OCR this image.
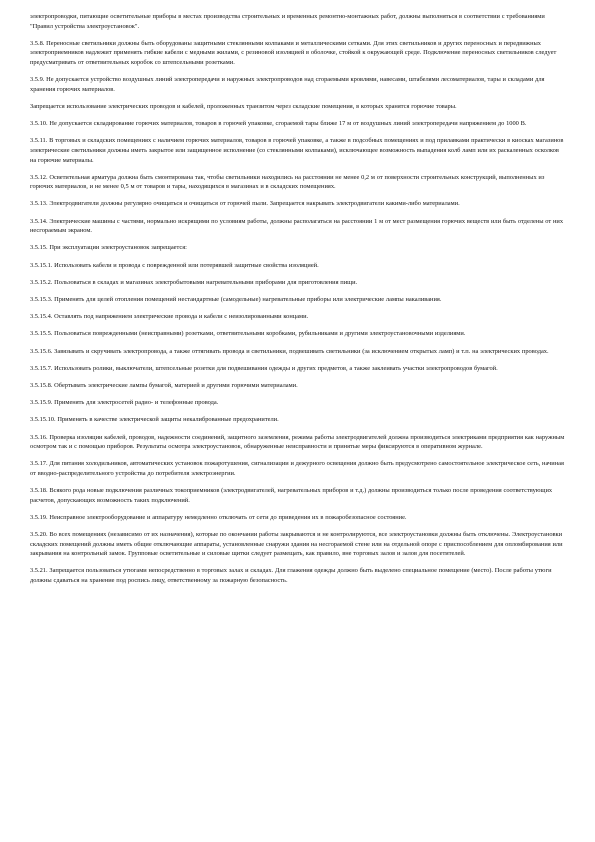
электропроводки, питающие осветительные приборы в местах производства строительных и временных ремонтно-монтажных работ, должны выполняться в соответствии с требованиями "Правил устройства электроустановок".

3.5.8. Переносные светильники должны быть оборудованы защитными стеклянными колпаками и металлическими сетками. Для этих светильников и других переносных и передвижных электроприемников надлежит применять гибкие кабели с медными жилами, с резиновой изоляцией в оболочке, стойкой к окружающей среде. Подключение переносных светильников следует предусматривать от ответвительных коробок со штепсельными розетками.

3.5.9. Не допускается устройство воздушных линий электропередачи и наружных электропроводов над сгораемыми кровлями, навесами, штабелями лесоматериалов, тары и складами для хранения горючих материалов.

Запрещается использование электрических проводов и кабелей, проложенных транзитом через складские помещения, в которых хранятся горючие товары.

3.5.10. Не допускается складирование горючих материалов, товаров в горючей упаковке, сгораемой тары ближе 17 м от воздушных линий электропередачи напряжением до 1000 В.

3.5.11. В торговых и складских помещениях с наличием горючих материалов, товаров в горючей упаковке, а также в подсобных помещениях и под прилавками практически в киосках магазинов электрические светильники должны иметь закрытое или защищенное исполнение (со стеклянными колпаками), исключающее возможность выпадения колб ламп или их раскаленных осколков на горючие материалы.

3.5.12. Осветительная арматура должна быть смонтирована так, чтобы светильники находились на расстоянии не менее 0,2 м от поверхности строительных конструкций, выполненных из горючих материалов, и не менее 0,5 м от товаров и тары, находящихся в магазинах и в складских помещениях.

3.5.13. Электродвигатели должны регулярно очищаться и очищаться от горючей пыли. Запрещается накрывать электродвигатели какими-либо материалами.

3.5.14. Электрические машины с частями, нормально искрящими по условиям работы, должны располагаться на расстоянии 1 м от мест размещения горючих веществ или быть отделены от них несгораемым экраном.

3.5.15. При эксплуатации электроустановок запрещается:

3.5.15.1. Использовать кабели и провода с поврежденной или потерявшей защитные свойства изоляцией.

3.5.15.2. Пользоваться в складах и магазинах электробытовыми нагревательными приборами для приготовления пищи.

3.5.15.3. Применять для целей отопления помещений нестандартные (самодельные) нагревательные приборы или электрические лампы накаливания.

3.5.15.4. Оставлять под напряжением электрические провода и кабели с неизолированными концами.

3.5.15.5. Пользоваться поврежденными (неисправными) розетками, ответвительными коробками, рубильниками и другими электроустановочными изделиями.

3.5.15.6. Завязывать и скручивать электропровода, а также оттягивать провода и светильники, подвешивать светильники (за исключением открытых ламп) и т.п. на электрических проводах.

3.5.15.7. Использовать ролики, выключатели, штепсельные розетки для подвешивания одежды и других предметов, а также заклеивать участки электропроводов бумагой.

3.5.15.8. Обертывать электрические лампы бумагой, материей и другими горючими материалами.

3.5.15.9. Применять для электросетей радио- и телефонные провода.

3.5.15.10. Применять в качестве электрической защиты некалиброванные предохранители.

3.5.16. Проверка изоляции кабелей, проводов, надежности соединений, защитного заземления, режима работы электродвигателей должна производиться электриками предприятия как наружным осмотром так и с помощью приборов. Результаты осмотра электроустановок, обнаруженные неисправности и принятые меры фиксируются в оперативном журнале.

3.5.17. Для питания холодильников, автоматических установок пожаротушения, сигнализации и дежурного освещения должно быть предусмотрено самостоятельное электрическое сеть, начиная от вводно-распределительного устройства до потребителя электроэнергии.

3.5.18. Всякого рода новые подключения различных токоприемников (электродвигателей, нагревательных приборов и т.д.) должны производиться только после проведения соответствующих расчетов, допускающих возможность таких подключений.

3.5.19. Неисправное электрооборудование и аппаратуру немедленно отключать от сети до приведения их в пожаробезопасное состояние.

3.5.20. Во всех помещениях (независимо от их назначения), которые по окончании работы закрываются и не контролируются, все электроустановки должны быть отключены. Электроустановки складских помещений должны иметь общие отключающие аппараты, установленные снаружи здания на несгораемой стене или на отдельной опоре с приспособлением для опломбирования или закрывания на контрольный замок. Групповые осветительные и силовые щитки следует размещать, как правило, вне торговых залов и залов для посетителей.

3.5.21. Запрещается пользоваться утюгами непосредственно в торговых залах и складах. Для глажения одежды должно быть выделено специальное помещение (место). После работы утюги должны сдаваться на хранение под роспись лицу, ответственному за пожарную безопасность.
